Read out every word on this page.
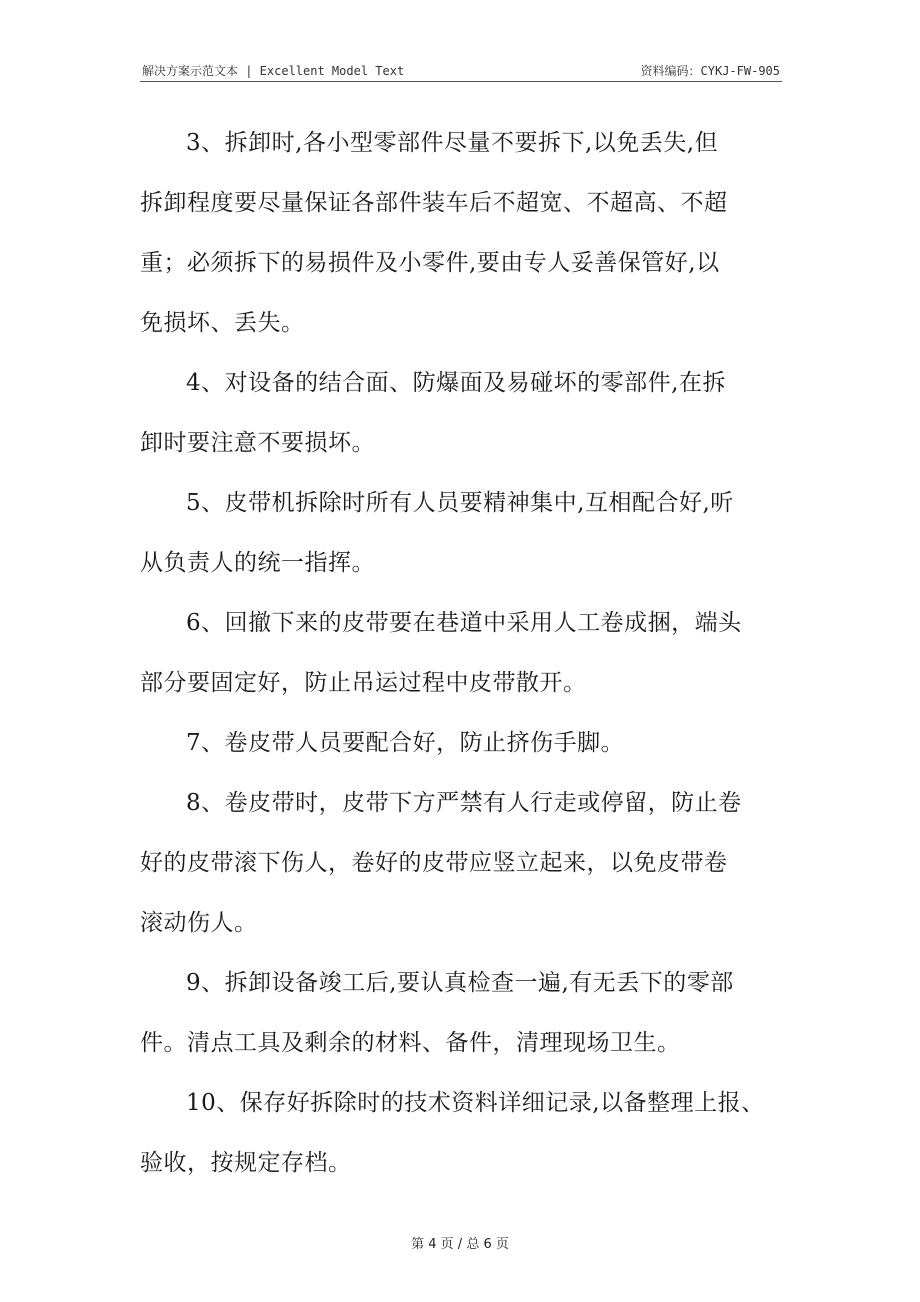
解决方案示范文本 | Excellent Model Text	资料编码：CYKJ-FW-905

3、拆卸时,各小型零部件尽量不要拆下,以免丢失,但
拆卸程度要尽量保证各部件装车后不超宽、不超高、不超
重；必须拆下的易损件及小零件,要由专人妥善保管好,以
免损坏、丢失。

4、对设备的结合面、防爆面及易碰坏的零部件,在拆
卸时要注意不要损坏。

5、皮带机拆除时所有人员要精神集中,互相配合好,听
从负责人的统一指挥。

6、回撤下来的皮带要在巷道中采用人工卷成捆，端头
部分要固定好，防止吊运过程中皮带散开。

7、卷皮带人员要配合好，防止挤伤手脚。

8、卷皮带时，皮带下方严禁有人行走或停留，防止卷
好的皮带滚下伤人，卷好的皮带应竖立起来，以免皮带卷
滚动伤人。

9、拆卸设备竣工后,要认真检查一遍,有无丢下的零部
件。清点工具及剩余的材料、备件，清理现场卫生。

10、保存好拆除时的技术资料详细记录,以备整理上报、
验收，按规定存档。

第 4 页 / 总 6 页
